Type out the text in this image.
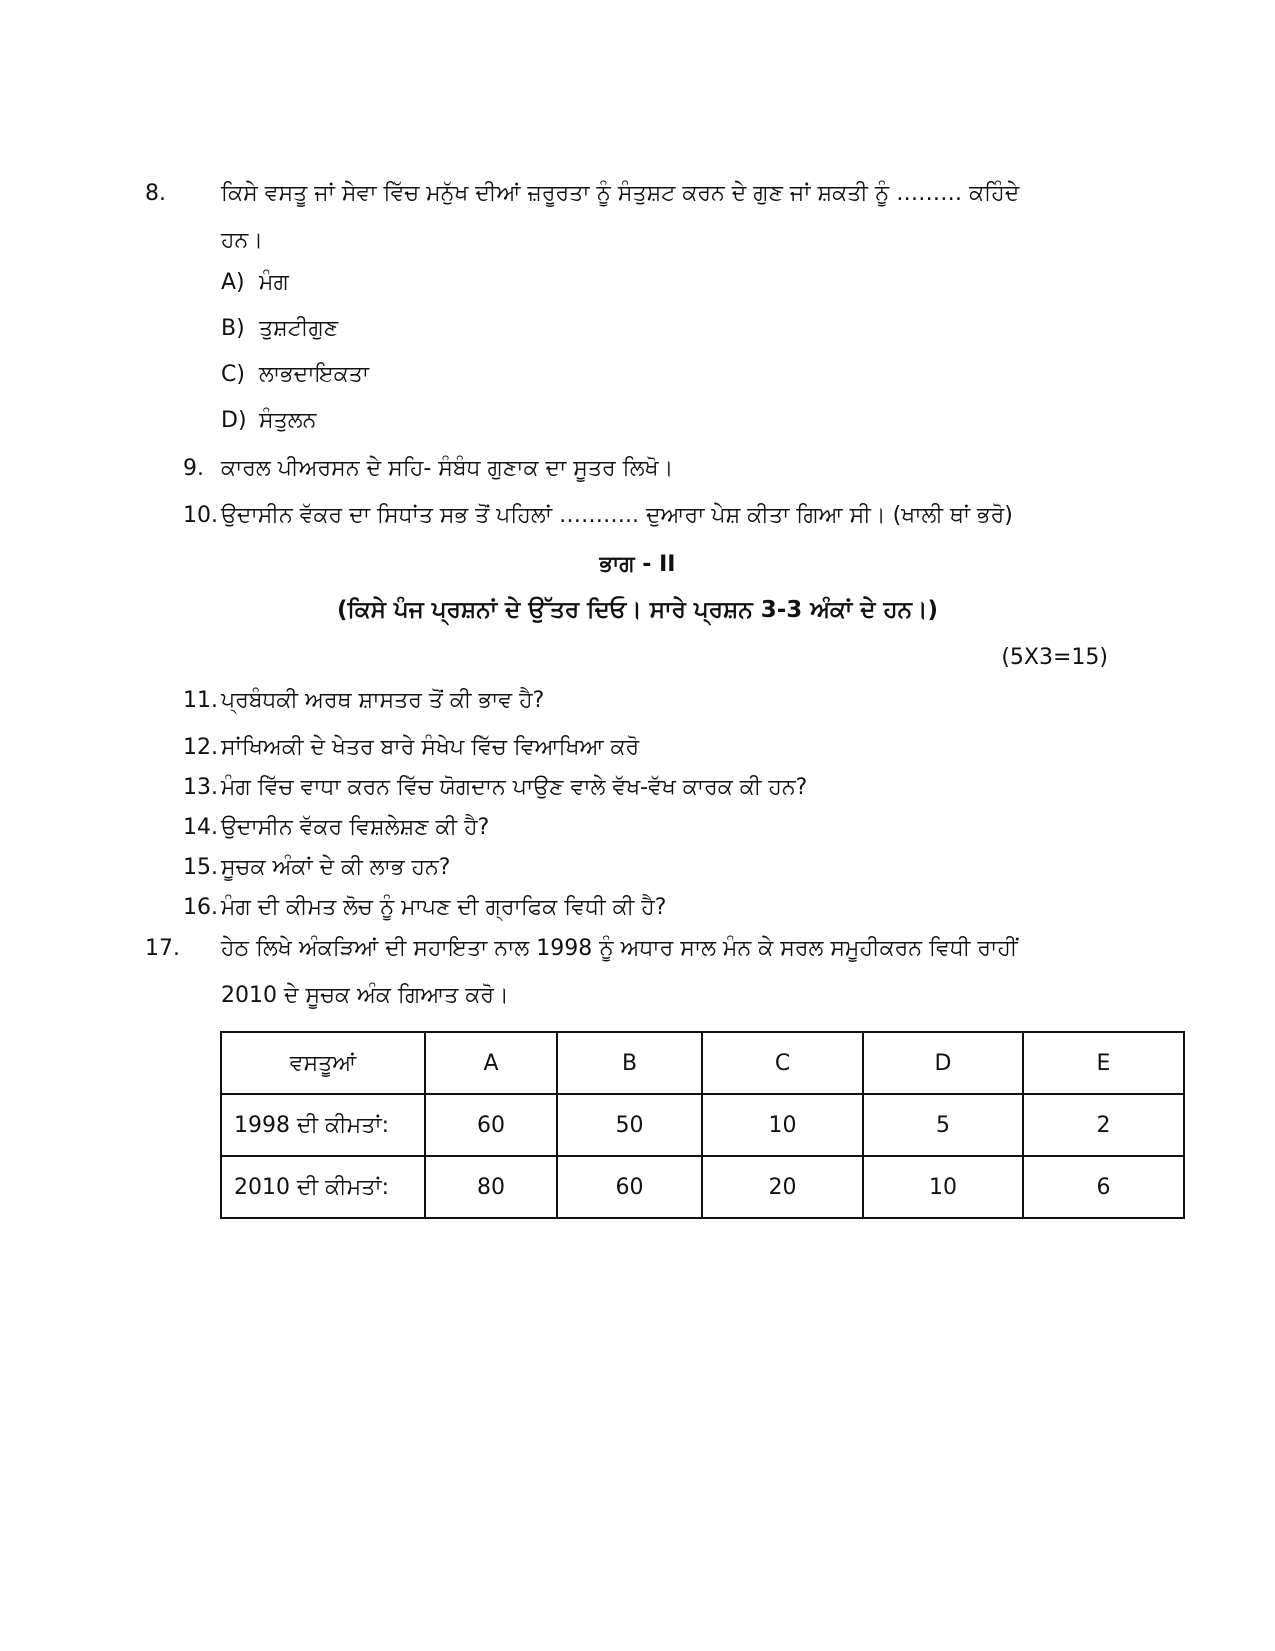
8.	ਕਿਸੇ ਵਸਤੂ ਜਾਂ ਸੇਵਾ ਵਿੱਚ ਮਨੁੱਖ ਦੀਆਂ ਜ਼ਰੂਰਤਾ ਨੂੰ ਸੰਤੁਸ਼ਟ ਕਰਨ ਦੇ ਗੁਣ ਜਾਂ ਸ਼ਕਤੀ ਨੂੰ ……… ਕਹਿੰਦੇ
ਹਨ।
A) ਮੰਗ
B) ਤੁਸ਼ਟੀਗੁਣ
C) ਲਾਭਦਾਇਕਤਾ
D) ਸੰਤੁਲਨ
9. ਕਾਰਲ ਪੀਅਰਸਨ ਦੇ ਸਹਿ- ਸੰਬੰਧ ਗੁਣਾਕ ਦਾ ਸੂਤਰ ਲਿਖੋ।
10. ਉਦਾਸੀਨ ਵੱਕਰ ਦਾ ਸਿਧਾਂਤ ਸਭ ਤੋਂ ਪਹਿਲਾਂ ……….. ਦੁਆਰਾ ਪੇਸ਼ ਕੀਤਾ ਗਿਆ ਸੀ। (ਖਾਲੀ ਥਾਂ ਭਰੋ)
ਭਾਗ - II
(ਕਿਸੇ ਪੰਜ ਪ੍ਰਸ਼ਨਾਂ ਦੇ ਉੱਤਰ ਦਿਓ। ਸਾਰੇ ਪ੍ਰਸ਼ਨ 3-3 ਅੰਕਾਂ ਦੇ ਹਨ।)
(5X3=15)
11. ਪ੍ਰਬੰਧਕੀ ਅਰਥ ਸ਼ਾਸਤਰ ਤੋਂ ਕੀ ਭਾਵ ਹੈ?
12. ਸਾਂਖਿਅਕੀ ਦੇ ਖੇਤਰ ਬਾਰੇ ਸੰਖੇਪ ਵਿੱਚ ਵਿਆਖਿਆ ਕਰੋ
13. ਮੰਗ ਵਿੱਚ ਵਾਧਾ ਕਰਨ ਵਿੱਚ ਯੋਗਦਾਨ ਪਾਉਣ ਵਾਲੇ ਵੱਖ-ਵੱਖ ਕਾਰਕ ਕੀ ਹਨ?
14. ਉਦਾਸੀਨ ਵੱਕਰ ਵਿਸ਼ਲੇਸ਼ਣ ਕੀ ਹੈ?
15. ਸੂਚਕ ਅੰਕਾਂ ਦੇ ਕੀ ਲਾਭ ਹਨ?
16. ਮੰਗ ਦੀ ਕੀਮਤ ਲੋਚ ਨੂੰ ਮਾਪਣ ਦੀ ਗ੍ਰਾਫਿਕ ਵਿਧੀ ਕੀ ਹੈ?
17. ਹੇਠ ਲਿਖੇ ਅੰਕੜਿਆਂ ਦੀ ਸਹਾਇਤਾ ਨਾਲ 1998 ਨੂੰ ਅਧਾਰ ਸਾਲ ਮੰਨ ਕੇ ਸਰਲ ਸਮੂਹੀਕਰਨ ਵਿਧੀ ਰਾਹੀਂ
2010 ਦੇ ਸੂਚਕ ਅੰਕ ਗਿਆਤ ਕਰੋ।
ਵਸਤੂਆਂ	A	B	C	D	E
1998 ਦੀ ਕੀਮਤਾਂ:	60	50	10	5	2
2010 ਦੀ ਕੀਮਤਾਂ:	80	60	20	10	6
